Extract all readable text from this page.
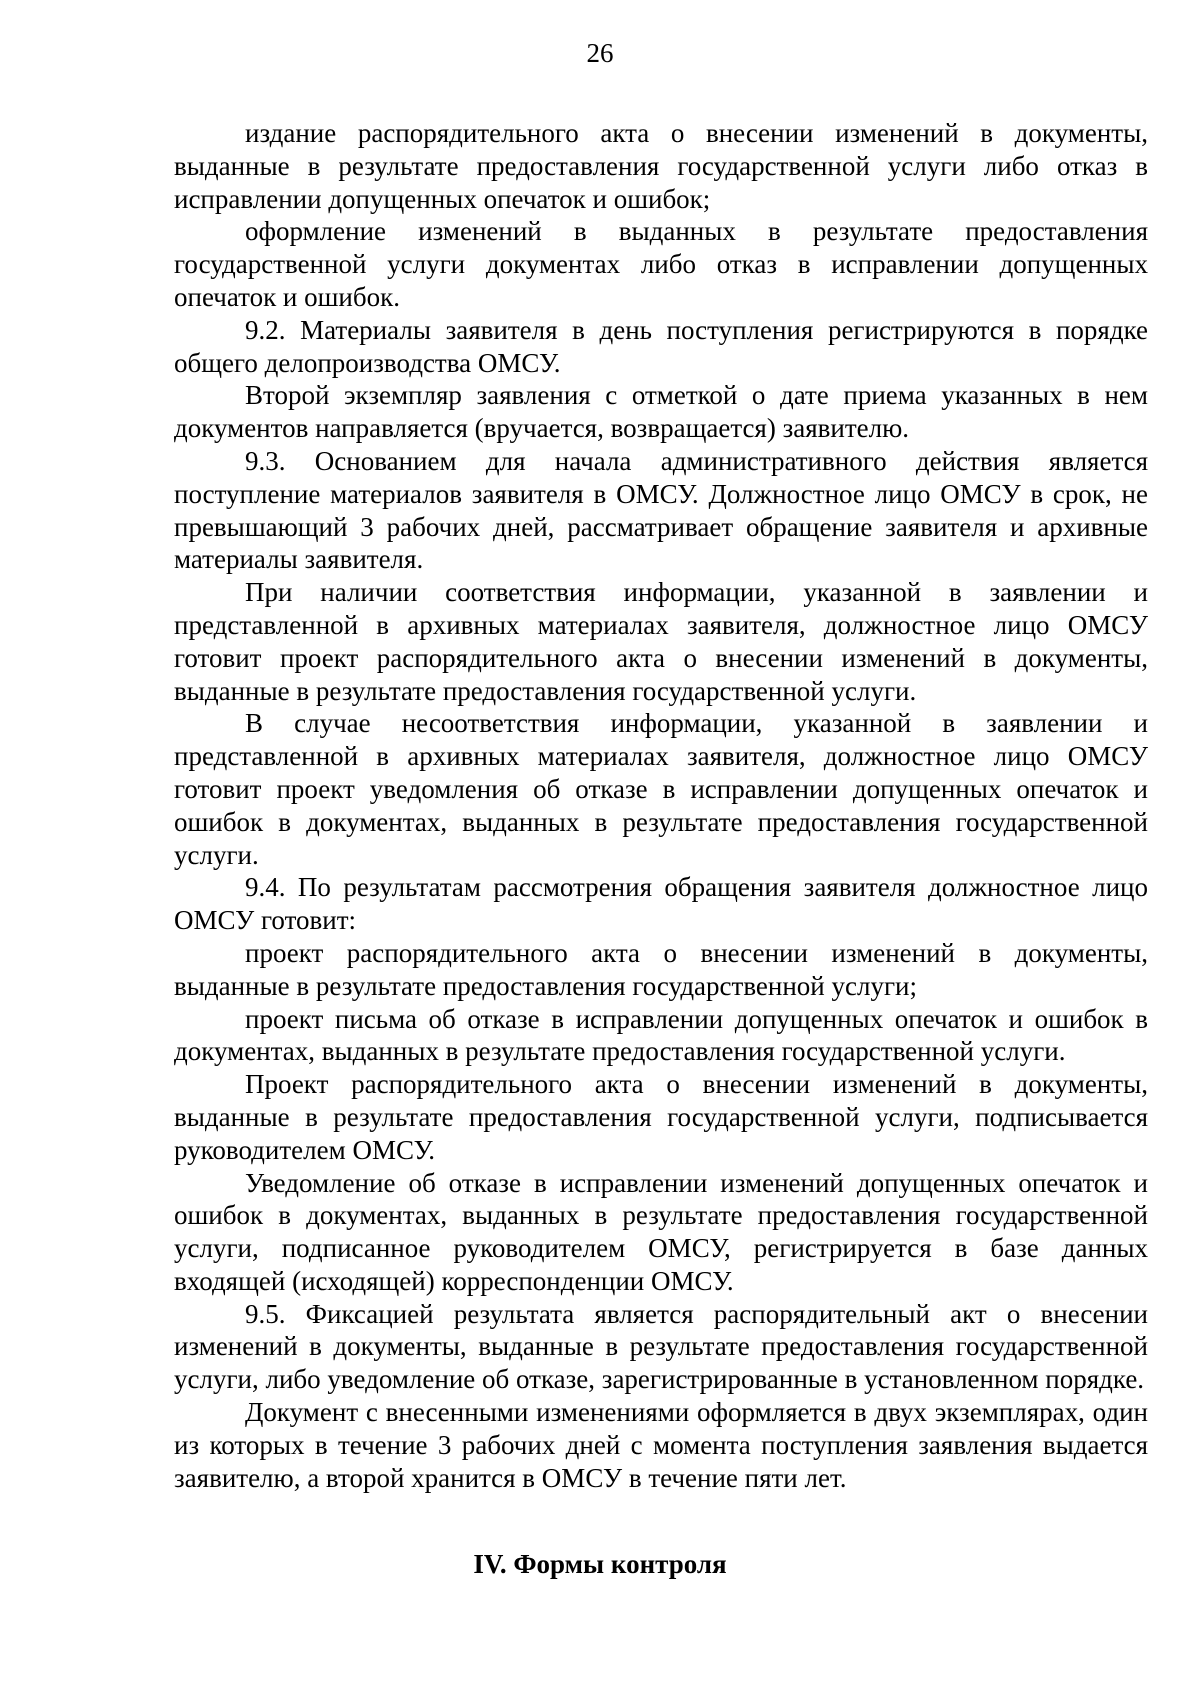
26

издание распорядительного акта о внесении изменений в документы, выданные в результате предоставления государственной услуги либо отказ в исправлении допущенных опечаток и ошибок;

оформление изменений в выданных в результате предоставления государственной услуги документах либо отказ в исправлении допущенных опечаток и ошибок.

9.2. Материалы заявителя в день поступления регистрируются в порядке общего делопроизводства ОМСУ.

Второй экземпляр заявления с отметкой о дате приема указанных в нем документов направляется (вручается, возвращается) заявителю.

9.3. Основанием для начала административного действия является поступление материалов заявителя в ОМСУ. Должностное лицо ОМСУ в срок, не превышающий 3 рабочих дней, рассматривает обращение заявителя и архивные материалы заявителя.

При наличии соответствия информации, указанной в заявлении и представленной в архивных материалах заявителя, должностное лицо ОМСУ готовит проект распорядительного акта о внесении изменений в документы, выданные в результате предоставления государственной услуги.

В случае несоответствия информации, указанной в заявлении и представленной в архивных материалах заявителя, должностное лицо ОМСУ готовит проект уведомления об отказе в исправлении допущенных опечаток и ошибок в документах, выданных в результате предоставления государственной услуги.

9.4. По результатам рассмотрения обращения заявителя должностное лицо ОМСУ готовит:

проект распорядительного акта о внесении изменений в документы, выданные в результате предоставления государственной услуги;

проект письма об отказе в исправлении допущенных опечаток и ошибок в документах, выданных в результате предоставления государственной услуги.

Проект распорядительного акта о внесении изменений в документы, выданные в результате предоставления государственной услуги, подписывается руководителем ОМСУ.

Уведомление об отказе в исправлении изменений допущенных опечаток и ошибок в документах, выданных в результате предоставления государственной услуги, подписанное руководителем ОМСУ, регистрируется в базе данных входящей (исходящей) корреспонденции ОМСУ.

9.5. Фиксацией результата является распорядительный акт о внесении изменений в документы, выданные в результате предоставления государственной услуги, либо уведомление об отказе, зарегистрированные в установленном порядке.

Документ с внесенными изменениями оформляется в двух экземплярах, один из которых в течение 3 рабочих дней с момента поступления заявления выдается заявителю, а второй хранится в ОМСУ в течение пяти лет.

IV. Формы контроля
